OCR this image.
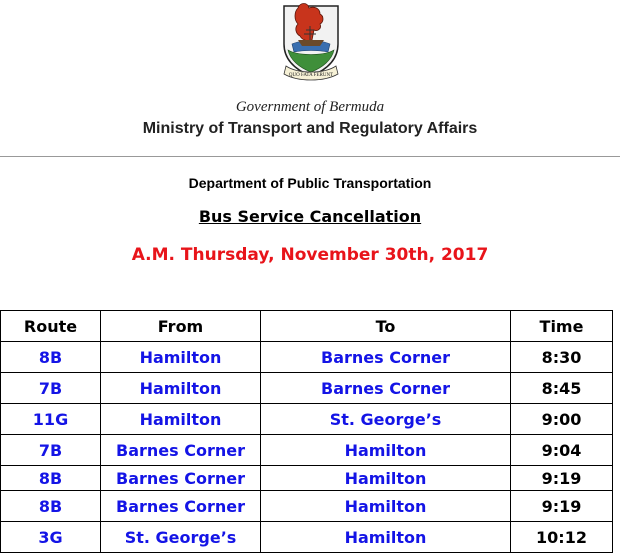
QUO FATA FERUNT
Government of Bermuda
Ministry of Transport and Regulatory Affairs
Department of Public Transportation
Bus Service Cancellation
A.M. Thursday, November 30th, 2017
Route	From	To	Time
8B	Hamilton	Barnes Corner	8:30
7B	Hamilton	Barnes Corner	8:45
11G	Hamilton	St. George’s	9:00
7B	Barnes Corner	Hamilton	9:04
8B	Barnes Corner	Hamilton	9:19
8B	Barnes Corner	Hamilton	9:19
3G	St. George’s	Hamilton	10:12
